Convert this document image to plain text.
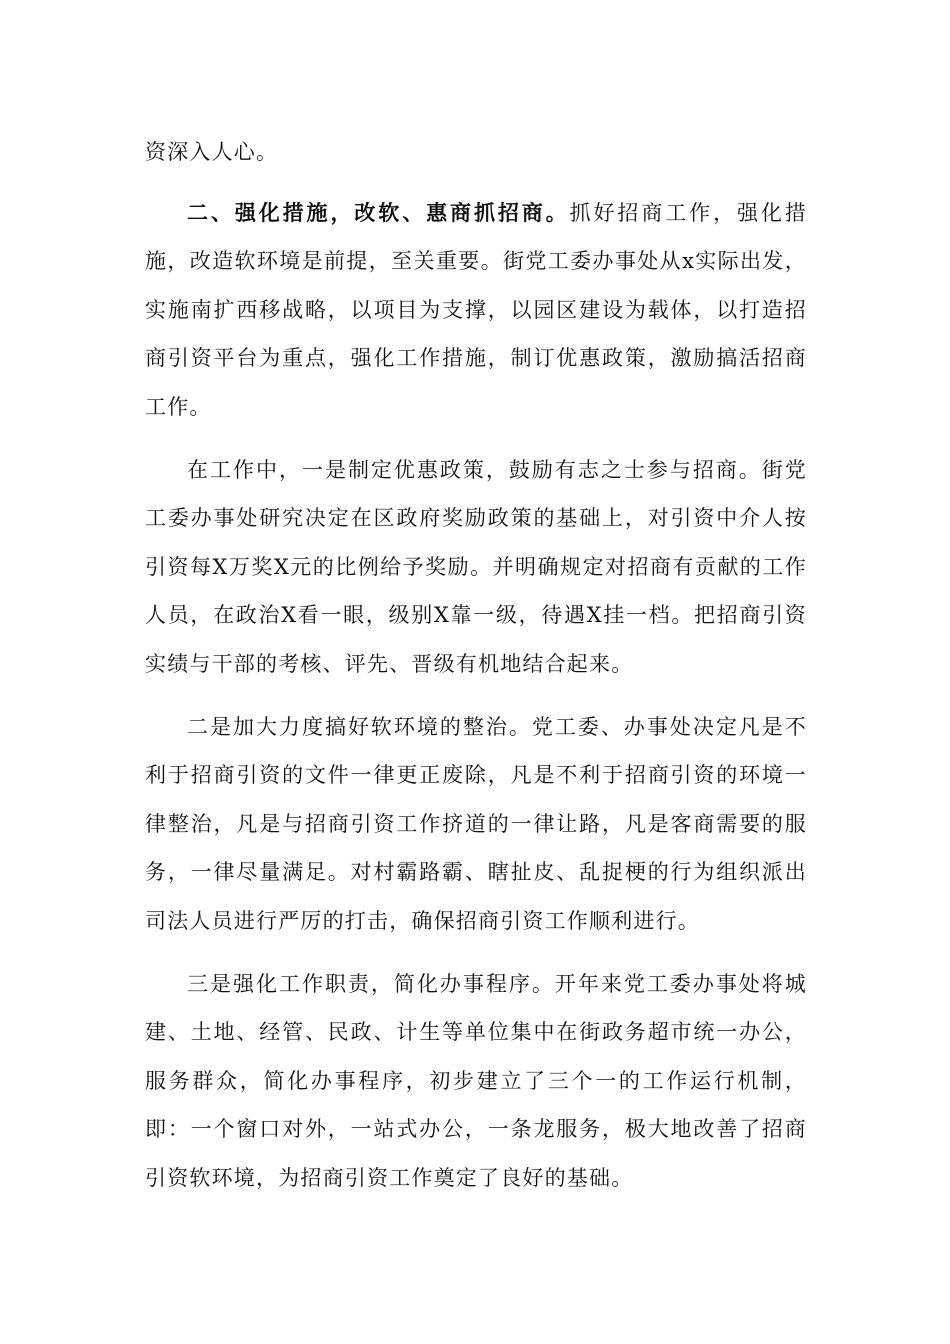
资深入人心。

二、强化措施，改软、惠商抓招商。抓好招商工作，强化措施，改造软环境是前提，至关重要。街党工委办事处从x实际出发，实施南扩西移战略，以项目为支撑，以园区建设为载体，以打造招商引资平台为重点，强化工作措施，制订优惠政策，激励搞活招商工作。

在工作中，一是制定优惠政策，鼓励有志之士参与招商。街党工委办事处研究决定在区政府奖励政策的基础上，对引资中介人按引资每X万奖X元的比例给予奖励。并明确规定对招商有贡献的工作人员，在政治X看一眼，级别X靠一级，待遇X挂一档。把招商引资实绩与干部的考核、评先、晋级有机地结合起来。

二是加大力度搞好软环境的整治。党工委、办事处决定凡是不利于招商引资的文件一律更正废除，凡是不利于招商引资的环境一律整治，凡是与招商引资工作挤道的一律让路，凡是客商需要的服务，一律尽量满足。对村霸路霸、瞎扯皮、乱捉梗的行为组织派出司法人员进行严厉的打击，确保招商引资工作顺利进行。

三是强化工作职责，简化办事程序。开年来党工委办事处将城建、土地、经管、民政、计生等单位集中在街政务超市统一办公，服务群众，简化办事程序，初步建立了三个一的工作运行机制，即：一个窗口对外，一站式办公，一条龙服务，极大地改善了招商引资软环境，为招商引资工作奠定了良好的基础。
